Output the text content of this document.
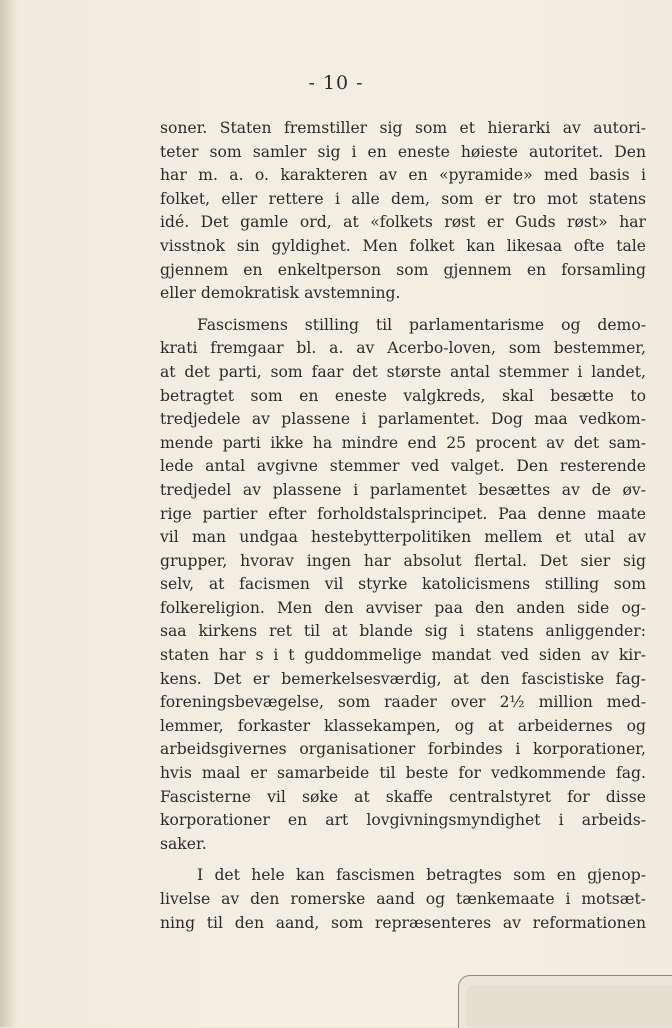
- 10 -
soner. Staten fremstiller sig som et hierarki av autori-
teter som samler sig i en eneste høieste autoritet. Den
har m. a. o. karakteren av en «pyramide» med basis i
folket, eller rettere i alle dem, som er tro mot statens
idé. Det gamle ord, at «folkets røst er Guds røst» har
visstnok sin gyldighet. Men folket kan likesaa ofte tale
gjennem en enkeltperson som gjennem en forsamling
eller demokratisk avstemning.
Fascismens stilling til parlamentarisme og demo-
krati fremgaar bl. a. av Acerbo-loven, som bestemmer,
at det parti, som faar det største antal stemmer i landet,
betragtet som en eneste valgkreds, skal besætte to
tredjedele av plassene i parlamentet. Dog maa vedkom-
mende parti ikke ha mindre end 25 procent av det sam-
lede antal avgivne stemmer ved valget. Den resterende
tredjedel av plassene i parlamentet besættes av de øv-
rige partier efter forholdstalsprincipet. Paa denne maate
vil man undgaa hestebytterpolitiken mellem et utal av
grupper, hvorav ingen har absolut flertal. Det sier sig
selv, at facismen vil styrke katolicismens stilling som
folkereligion. Men den avviser paa den anden side og-
saa kirkens ret til at blande sig i statens anliggender:
staten har s i t guddommelige mandat ved siden av kir-
kens. Det er bemerkelsesværdig, at den fascistiske fag-
foreningsbevægelse, som raader over 2½ million med-
lemmer, forkaster klassekampen, og at arbeidernes og
arbeidsgivernes organisationer forbindes i korporationer,
hvis maal er samarbeide til beste for vedkommende fag.
Fascisterne vil søke at skaffe centralstyret for disse
korporationer en art lovgivningsmyndighet i arbeids-
saker.
I det hele kan fascismen betragtes som en gjenop-
livelse av den romerske aand og tænkemaate i motsæt-
ning til den aand, som repræsenteres av reformationen
